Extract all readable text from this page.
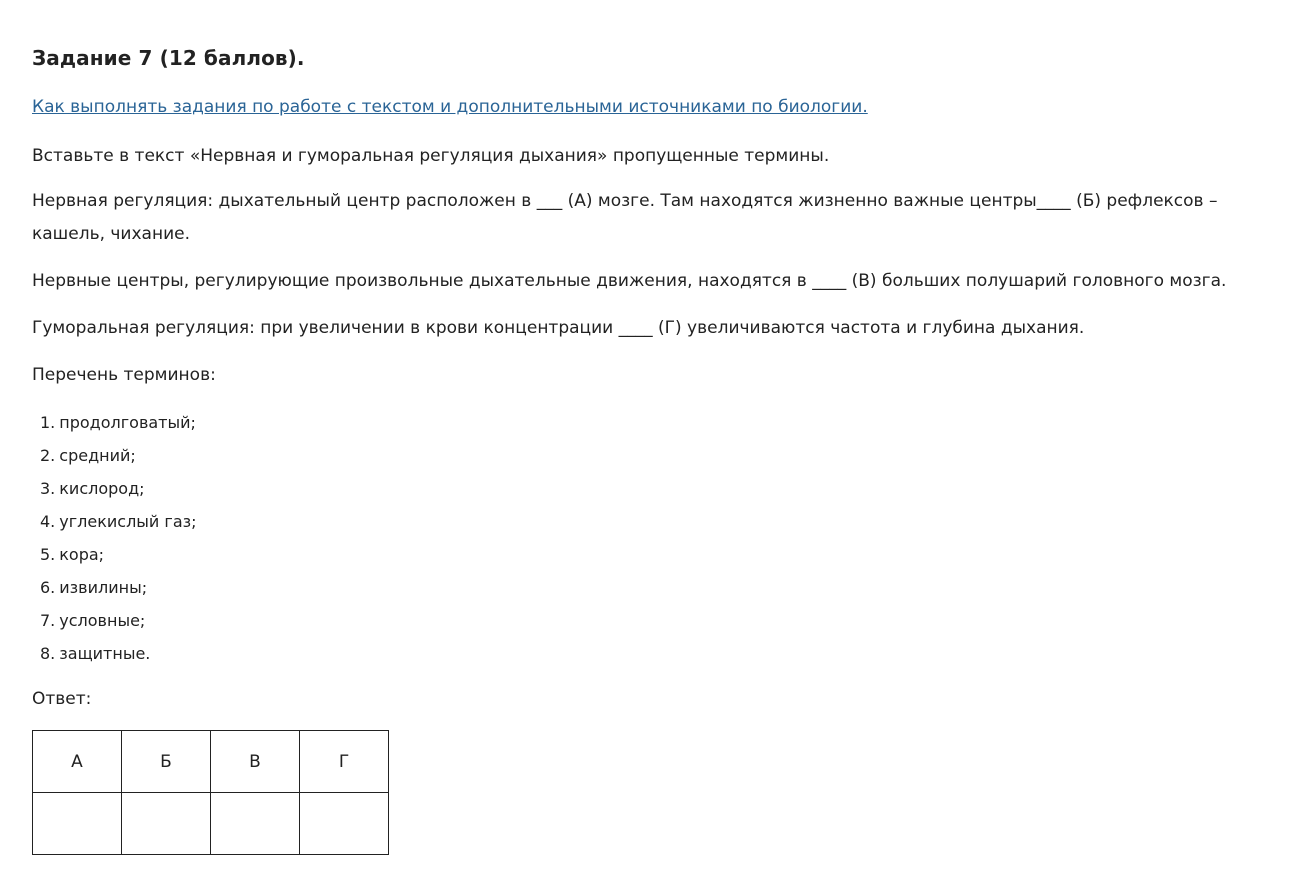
Задание 7 (12 баллов).
Как выполнять задания по работе с текстом и дополнительными источниками по биологии.
Вставьте в текст «Нервная и гуморальная регуляция дыхания» пропущенные термины.
Нервная регуляция: дыхательный центр расположен в ___ (А) мозге. Там находятся жизненно важные центры____ (Б) рефлексов –
кашель, чихание.
Нервные центры, регулирующие произвольные дыхательные движения, находятся в ____ (В) больших полушарий головного мозга.
Гуморальная регуляция: при увеличении в крови концентрации ____ (Г) увеличиваются частота и глубина дыхания.
Перечень терминов:
1. продолговатый;
2. средний;
3. кислород;
4. углекислый газ;
5. кора;
6. извилины;
7. условные;
8. защитные.
Ответ:
А	Б	В	Г
